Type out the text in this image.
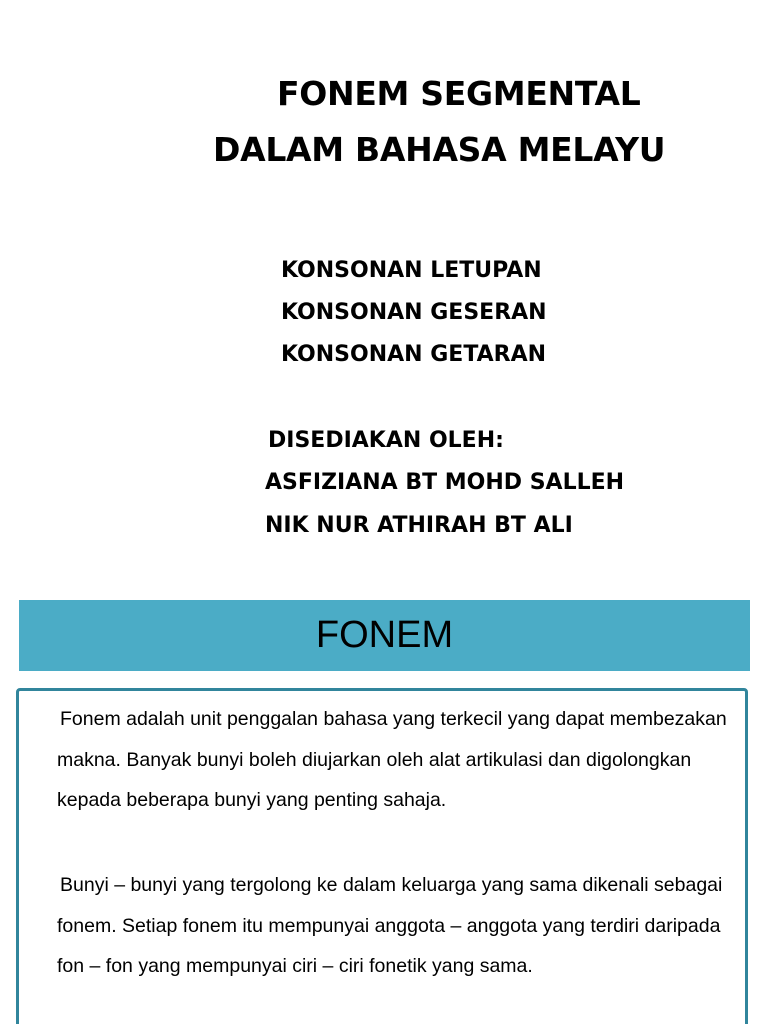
FONEM SEGMENTAL
DALAM BAHASA MELAYU
KONSONAN LETUPAN
KONSONAN GESERAN
KONSONAN GETARAN
DISEDIAKAN OLEH:
ASFIZIANA BT MOHD SALLEH
NIK NUR ATHIRAH BT ALI
FONEM

Fonem adalah unit penggalan bahasa yang terkecil yang dapat membezakan makna. Banyak bunyi boleh diujarkan oleh alat artikulasi dan digolongkan kepada beberapa bunyi yang penting sahaja.

Bunyi – bunyi yang tergolong ke dalam keluarga yang sama dikenali sebagai fonem. Setiap fonem itu mempunyai anggota – anggota yang terdiri daripada fon – fon yang mempunyai ciri – ciri fonetik yang sama.
